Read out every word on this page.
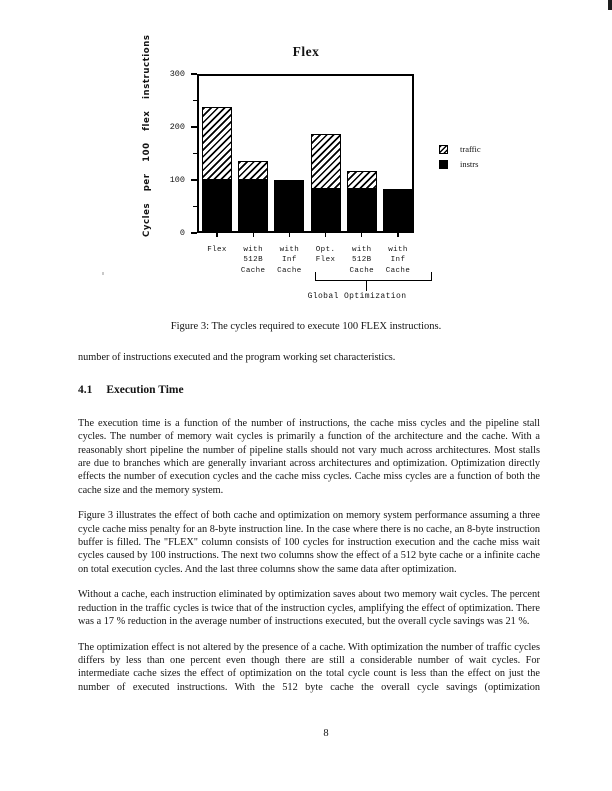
Flex
Cycles per 100 flex instructions	traffic
instrs
Global Optimization
0
100
200
300
Flex	with
512B
Cache
with
Inf
Cache
Opt.
Flex
with
512B
Cache
with
Inf
Cache
Figure 3: The cycles required to execute 100 FLEX instructions.

number of instructions executed and the program working set characteristics.

4.1 Execution Time

The execution time is a function of the number of instructions, the cache miss cycles and the pipeline stall cycles. The number of memory wait cycles is primarily a function of the architecture and the cache. With a reasonably short pipeline the number of pipeline stalls should not vary much across architectures. Most stalls are due to branches which are generally invariant across architectures and optimization. Optimization directly effects the number of execution cycles and the cache miss cycles. Cache miss cycles are a function of both the cache size and the memory system.

Figure 3 illustrates the effect of both cache and optimization on memory system performance assuming a three cycle cache miss penalty for an 8-byte instruction line. In the case where there is no cache, an 8-byte instruction buffer is filled. The "FLEX" column consists of 100 cycles for instruction execution and the cache miss wait cycles caused by 100 instructions. The next two columns show the effect of a 512 byte cache or a infinite cache on total execution cycles. And the last three columns show the same data after optimization.

Without a cache, each instruction eliminated by optimization saves about two memory wait cycles. The percent reduction in the traffic cycles is twice that of the instruction cycles, amplifying the effect of optimization. There was a 17 % reduction in the average number of instructions executed, but the overall cycle savings was 21 %.

The optimization effect is not altered by the presence of a cache. With optimization the number of traffic cycles differs by less than one percent even though there are still a considerable number of wait cycles. For intermediate cache sizes the effect of optimization on the total cycle count is less than the effect on just the number of executed instructions. With the 512 byte cache the overall cycle savings (optimization

8
